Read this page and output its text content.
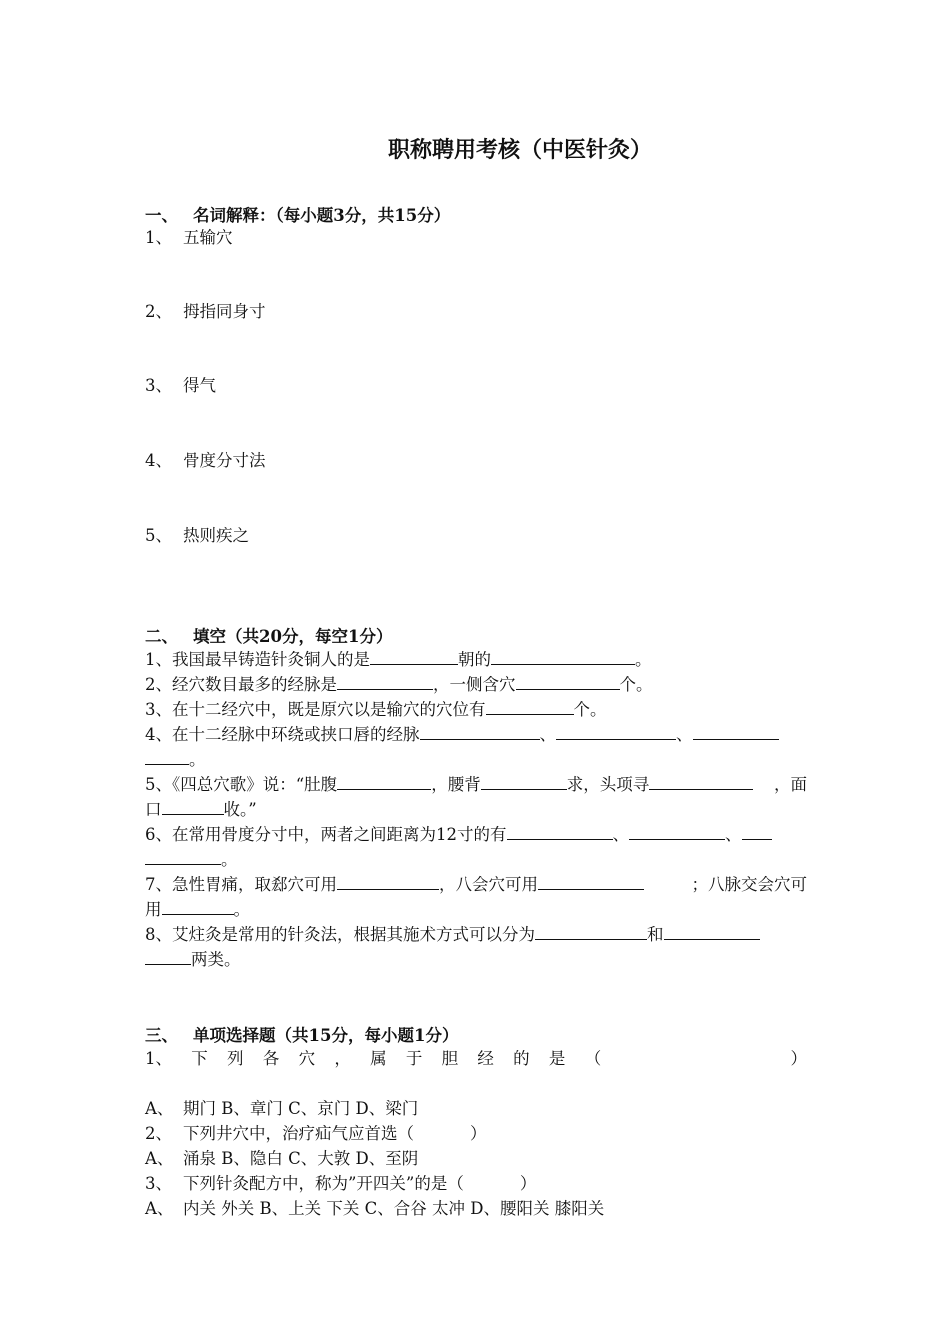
职称聘用考核（中医针灸）
一、 名词解释：（每小题3分，共15分）
1、 五输穴
2、 拇指同身寸
3、 得气
4、 骨度分寸法
5、 热则疾之
二、 填空（共20分，每空1分）
1、我国最早铸造针灸铜人的是	朝的	。
2、经穴数目最多的经脉是	，一侧含穴	个。
3、在十二经穴中，既是原穴以是输穴的穴位有	个。
4、在十二经脉中环绕或挟口唇的经脉	、	、
。
5、《四总穴歌》说：“肚腹	，腰背	求，头项寻	，面
口	收。”
6、在常用骨度分寸中，两者之间距离为12寸的有	、	、
。
7、急性胃痛，取郄穴可用	，八会穴可用	；八脉交会穴可
用	。
8、艾炷灸是常用的针灸法，根据其施术方式可以分为	和
两类。
三、 单项选择题（共15分，每小题1分）
1、 下 列 各 穴 ， 属 于 胆 经 的 是 （	）
A、 期门 B、章门 C、京门 D、梁门
2、 下列井穴中，治疗疝气应首选（	）
A、 涌泉 B、隐白 C、大敦 D、至阴
3、 下列针灸配方中，称为”开四关”的是（	）
A、 内关 外关 B、上关 下关 C、合谷 太冲 D、腰阳关 膝阳关
